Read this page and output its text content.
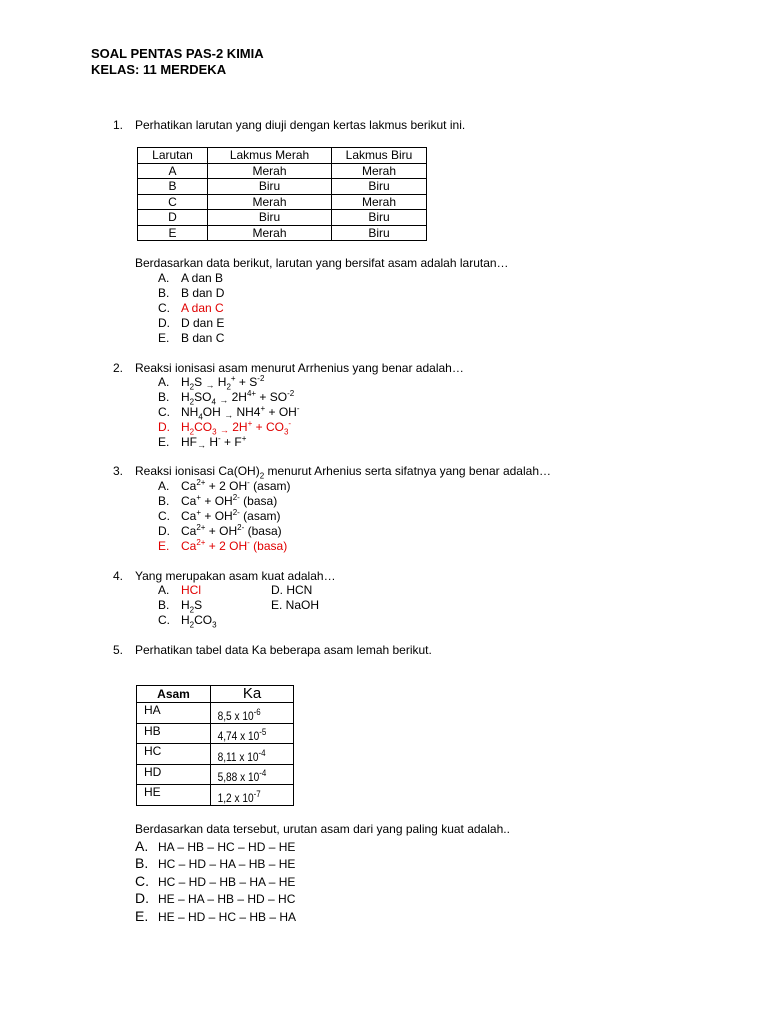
SOAL PENTAS PAS-2 KIMIA
KELAS: 11 MERDEKA
1. Perhatikan larutan yang diuji dengan kertas lakmus berikut ini.
Larutan	Lakmus Merah	Lakmus Biru
A	Merah	Merah
B	Biru	Biru
C	Merah	Merah
D	Biru	Biru
E	Merah	Biru
Berdasarkan data berikut, larutan yang bersifat asam adalah larutan…
A. A dan B
B. B dan D
C. A dan C
D. D dan E
E. B dan C
2. Reaksi ionisasi asam menurut Arrhenius yang benar adalah…
A. $H_2S \to H_2^+ + S^{-2}$
B. $H_2SO_4 \to 2H^{4+} + SO^{-2}$
C. $NH_4OH \to NH4^+ + OH^-$
D. $H_2CO_3 \to 2H^+ + CO_3^-$
E. HF→ H- + F+
3. Reaksi ionisasi $Ca(OH)_2$ menurut Arhenius serta sifatnya yang benar adalah…
A. $Ca^{2+} + 2$ OH- (asam)
B. $Ca^+ + OH^{2-}$ (basa)
C. $Ca^+ + OH^{2-}$ (asam)
D. $Ca^{2+} + OH^{2-}$ (basa)
E. $Ca^{2+} + 2$ OH- (basa)
4. Yang merupakan asam kuat adalah…
A. HCl	D. HCN
B. $H_2S$	E. NaOH
C. $H_2CO_3$
5. Perhatikan tabel data Ka beberapa asam lemah berikut.
Asam	Ka
HA	8,5 x $10^{-6}$
HB	4,74 x $10^{-5}$
HC	8,11 x $10^{-4}$
HD	5,88 x $10^{-4}$
HE	1,2 x $10^{-7}$
Berdasarkan data tersebut, urutan asam dari yang paling kuat adalah..
A. HA – HB – HC – HD – HE
B. HC – HD – HA – HB – HE
C. HC – HD – HB – HA – HE
D. HE – HA – HB – HD – HC
E. HE – HD – HC – HB – HA
